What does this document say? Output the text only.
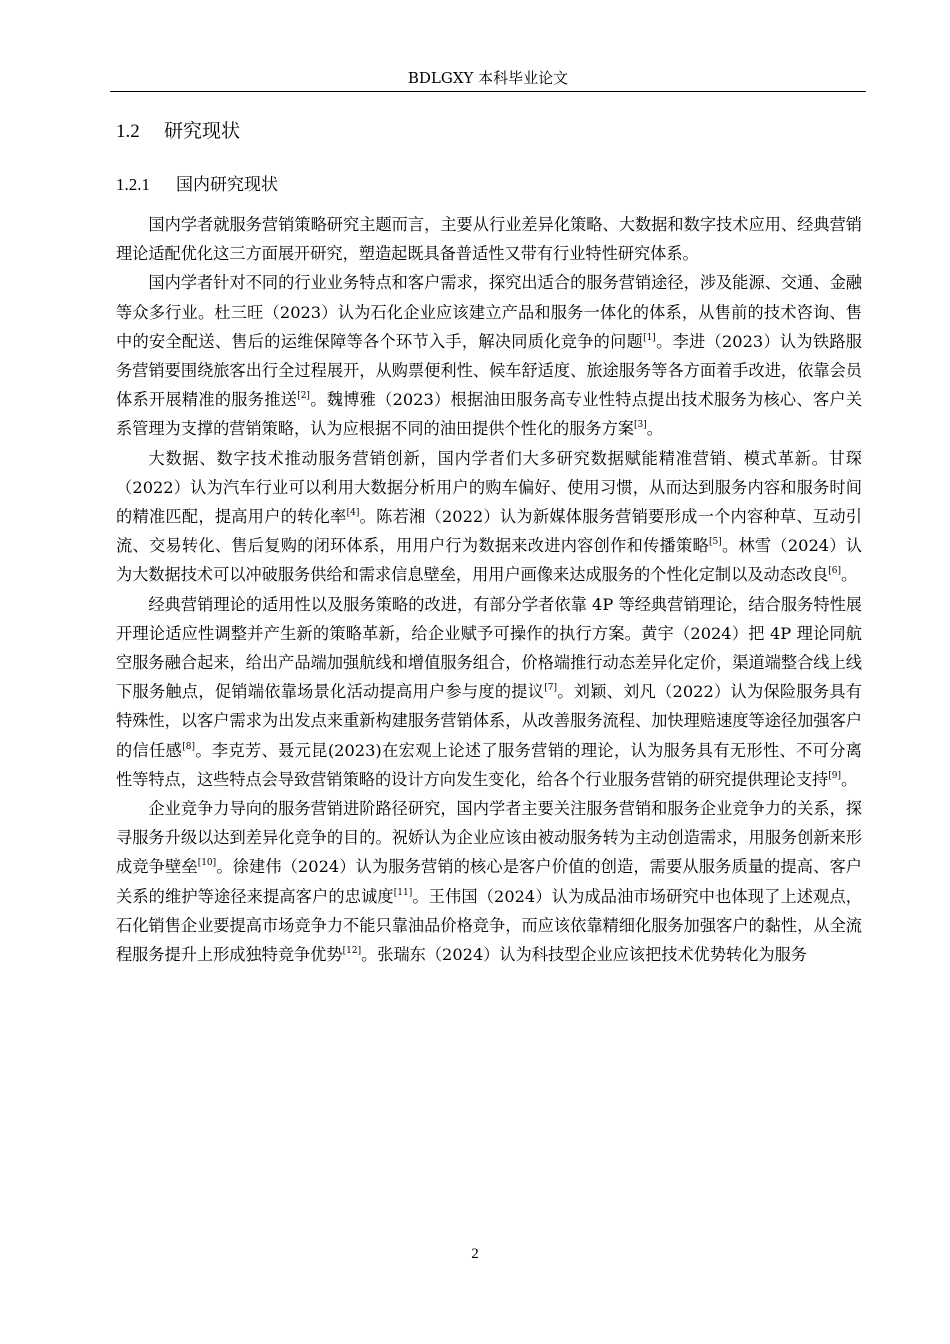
BDLGXY 本科毕业论文
1.2 研究现状
1.2.1 国内研究现状

国内学者就服务营销策略研究主题而言，主要从行业差异化策略、大数据和数字技术应用、经典营销理论适配优化这三方面展开研究，塑造起既具备普适性又带有行业特性研究体系。

国内学者针对不同的行业业务特点和客户需求，探究出适合的服务营销途径，涉及能源、交通、金融等众多行业。杜三旺（2023）认为石化企业应该建立产品和服务一体化的体系，从售前的技术咨询、售中的安全配送、售后的运维保障等各个环节入手，解决同质化竞争的问题[1]。李进（2023）认为铁路服务营销要围绕旅客出行全过程展开，从购票便利性、候车舒适度、旅途服务等各方面着手改进，依靠会员体系开展精准的服务推送[2]。魏博雅（2023）根据油田服务高专业性特点提出技术服务为核心、客户关系管理为支撑的营销策略，认为应根据不同的油田提供个性化的服务方案[3]。

大数据、数字技术推动服务营销创新，国内学者们大多研究数据赋能精准营销、模式革新。甘琛（2022）认为汽车行业可以利用大数据分析用户的购车偏好、使用习惯，从而达到服务内容和服务时间的精准匹配，提高用户的转化率[4]。陈若湘（2022）认为新媒体服务营销要形成一个内容种草、互动引流、交易转化、售后复购的闭环体系，用用户行为数据来改进内容创作和传播策略[5]。林雪（2024）认为大数据技术可以冲破服务供给和需求信息壁垒，用用户画像来达成服务的个性化定制以及动态改良[6]。

经典营销理论的适用性以及服务策略的改进，有部分学者依靠 4P 等经典营销理论，结合服务特性展开理论适应性调整并产生新的策略革新，给企业赋予可操作的执行方案。黄宇（2024）把 4P 理论同航空服务融合起来，给出产品端加强航线和增值服务组合，价格端推行动态差异化定价，渠道端整合线上线下服务触点，促销端依靠场景化活动提高用户参与度的提议[7]。刘颖、刘凡（2022）认为保险服务具有特殊性，以客户需求为出发点来重新构建服务营销体系，从改善服务流程、加快理赔速度等途径加强客户的信任感[8]。李克芳、聂元昆(2023)在宏观上论述了服务营销的理论，认为服务具有无形性、不可分离性等特点，这些特点会导致营销策略的设计方向发生变化，给各个行业服务营销的研究提供理论支持[9]。

企业竞争力导向的服务营销进阶路径研究，国内学者主要关注服务营销和服务企业竞争力的关系，探寻服务升级以达到差异化竞争的目的。祝娇认为企业应该由被动服务转为主动创造需求，用服务创新来形成竞争壁垒[10]。徐建伟（2024）认为服务营销的核心是客户价值的创造，需要从服务质量的提高、客户关系的维护等途径来提高客户的忠诚度[11]。王伟国（2024）认为成品油市场研究中也体现了上述观点，石化销售企业要提高市场竞争力不能只靠油品价格竞争，而应该依靠精细化服务加强客户的黏性，从全流程服务提升上形成独特竞争优势[12]。张瑞东（2024）认为科技型企业应该把技术优势转化为服务

2
